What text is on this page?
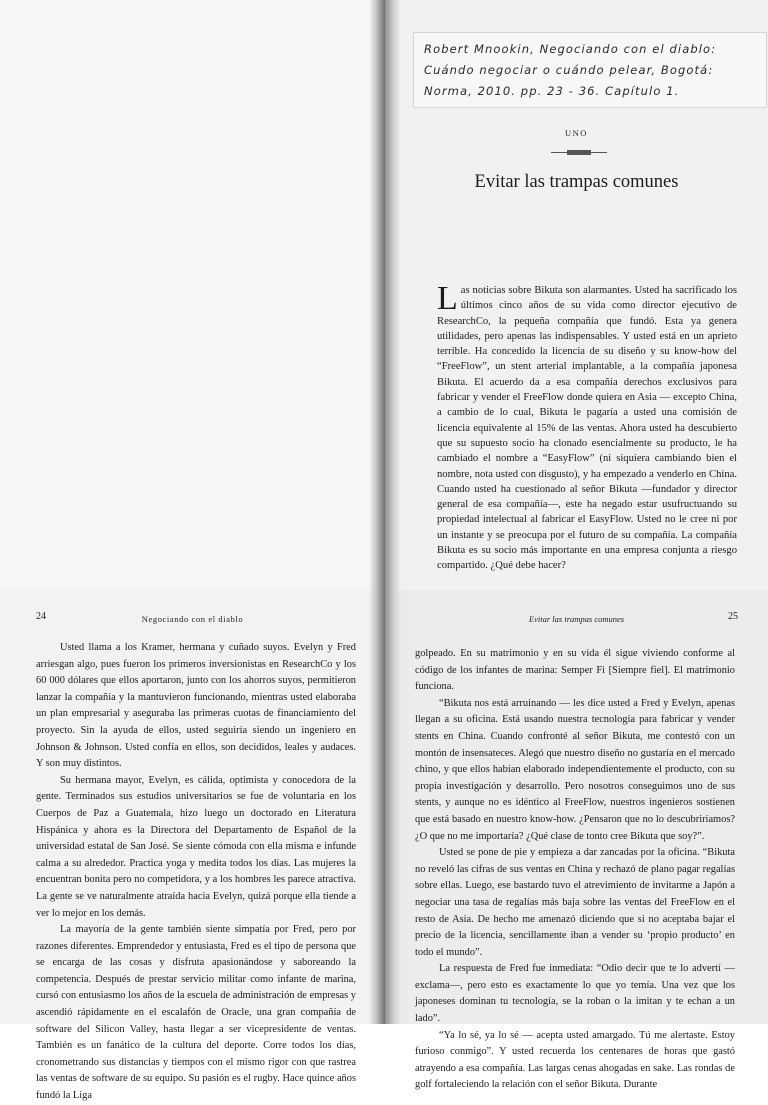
Robert Mnookin, Negociando con el diablo: Cuándo negociar o cuándo pelear, Bogotá: Norma, 2010. pp. 23 - 36. Capítulo 1.

UNO
Evitar las trampas comunes

Las noticias sobre Bikuta son alarmantes. Usted ha sacrificado los últimos cinco años de su vida como director ejecutivo de ResearchCo, la pequeña compañía que fundó. Esta ya genera utilidades, pero apenas las indispensables. Y usted está en un aprieto terrible. Ha concedido la licencia de su diseño y su know-how del “FreeFlow”, un stent arterial implantable, a la compañía japonesa Bikuta. El acuerdo da a esa compañía derechos exclusivos para fabricar y vender el FreeFlow donde quiera en Asia — excepto China, a cambio de lo cual, Bikuta le pagaría a usted una comisión de licencia equivalente al 15% de las ventas. Ahora usted ha descubierto que su supuesto socio ha clonado esencialmente su producto, le ha cambiado el nombre a “EasyFlow” (ni siquiera cambiando bien el nombre, nota usted con disgusto), y ha empezado a venderlo en China. Cuando usted ha cuestionado al señor Bikuta —fundador y director general de esa compañía—, este ha negado estar usufructuando su propiedad intelectual al fabricar el EasyFlow. Usted no le cree ni por un instante y se preocupa por el futuro de su compañía. La compañía Bikuta es su socio más importante en una empresa conjunta a riesgo compartido. ¿Qué debe hacer?

24	Negociando con el diablo

Usted llama a los Kramer, hermana y cuñado suyos. Evelyn y Fred arriesgan algo, pues fueron los primeros inversionistas en ResearchCo y los 60 000 dólares que ellos aportaron, junto con los ahorros suyos, permitieron lanzar la compañía y la mantuvieron funcionando, mientras usted elaboraba un plan empresarial y aseguraba las primeras cuotas de financiamiento del proyecto. Sin la ayuda de ellos, usted seguiría siendo un ingeniero en Johnson & Johnson. Usted confía en ellos, son decididos, leales y audaces. Y son muy distintos.

Su hermana mayor, Evelyn, es cálida, optimista y conocedora de la gente. Terminados sus estudios universitarios se fue de voluntaria en los Cuerpos de Paz a Guatemala, hizo luego un doctorado en Literatura Hispánica y ahora es la Directora del Departamento de Español de la universidad estatal de San José. Se siente cómoda con ella misma e infunde calma a su alrededor. Practica yoga y medita todos los días. Las mujeres la encuentran bonita pero no competidora, y a los hombres les parece atractiva. La gente se ve naturalmente atraída hacia Evelyn, quizá porque ella tiende a ver lo mejor en los demás.

La mayoría de la gente también siente simpatía por Fred, pero por razones diferentes. Emprendedor y entusiasta, Fred es el tipo de persona que se encarga de las cosas y disfruta apasionándose y saboreando la competencia. Después de prestar servicio militar como infante de marina, cursó con entusiasmo los años de la escuela de administración de empresas y ascendió rápidamente en el escalafón de Oracle, una gran compañía de software del Silicon Valley, hasta llegar a ser vicepresidente de ventas. También es un fanático de la cultura del deporte. Corre todos los días, cronometrando sus distancias y tiempos con el mismo rigor con que rastrea las ventas de software de su equipo. Su pasión es el rugby. Hace quince años fundó la Liga

Evitar las trampas comunes	25

golpeado. En su matrimonio y en su vida él sigue viviendo conforme al código de los infantes de marina: Semper Fi [Siempre fiel]. El matrimonio funciona.

“Bikuta nos está arruinando — les dice usted a Fred y Evelyn, apenas llegan a su oficina. Está usando nuestra tecnología para fabricar y vender stents en China. Cuando confronté al señor Bikuta, me contestó con un montón de insensateces. Alegó que nuestro diseño no gustaría en el mercado chino, y que ellos habían elaborado independientemente el producto, con su propia investigación y desarrollo. Pero nosotros conseguimos uno de sus stents, y aunque no es idéntico al FreeFlow, nuestros ingenieros sostienen que está basado en nuestro know-how. ¿Pensaron que no lo descubriríamos? ¿O que no me importaría? ¿Qué clase de tonto cree Bikuta que soy?”.

Usted se pone de pie y empieza a dar zancadas por la oficina. “Bikuta no reveló las cifras de sus ventas en China y rechazó de plano pagar regalías sobre ellas. Luego, ese bastardo tuvo el atrevimiento de invitarme a Japón a negociar una tasa de regalías más baja sobre las ventas del FreeFlow en el resto de Asia. De hecho me amenazó diciendo que si no aceptaba bajar el precio de la licencia, sencillamente iban a vender su ‘propio producto’ en todo el mundo”.

La respuesta de Fred fue inmediata: “Odio decir que te lo advertí —exclama—, pero esto es exactamente lo que yo temía. Una vez que los japoneses dominan tu tecnología, se la roban o la imitan y te echan a un lado”.

“Ya lo sé, ya lo sé — acepta usted amargado. Tú me alertaste. Estoy furioso conmigo”. Y usted recuerda los centenares de horas que gastó atrayendo a esa compañía. Las largas cenas ahogadas en sake. Las rondas de golf fortaleciendo la relación con el señor Bikuta. Durante
